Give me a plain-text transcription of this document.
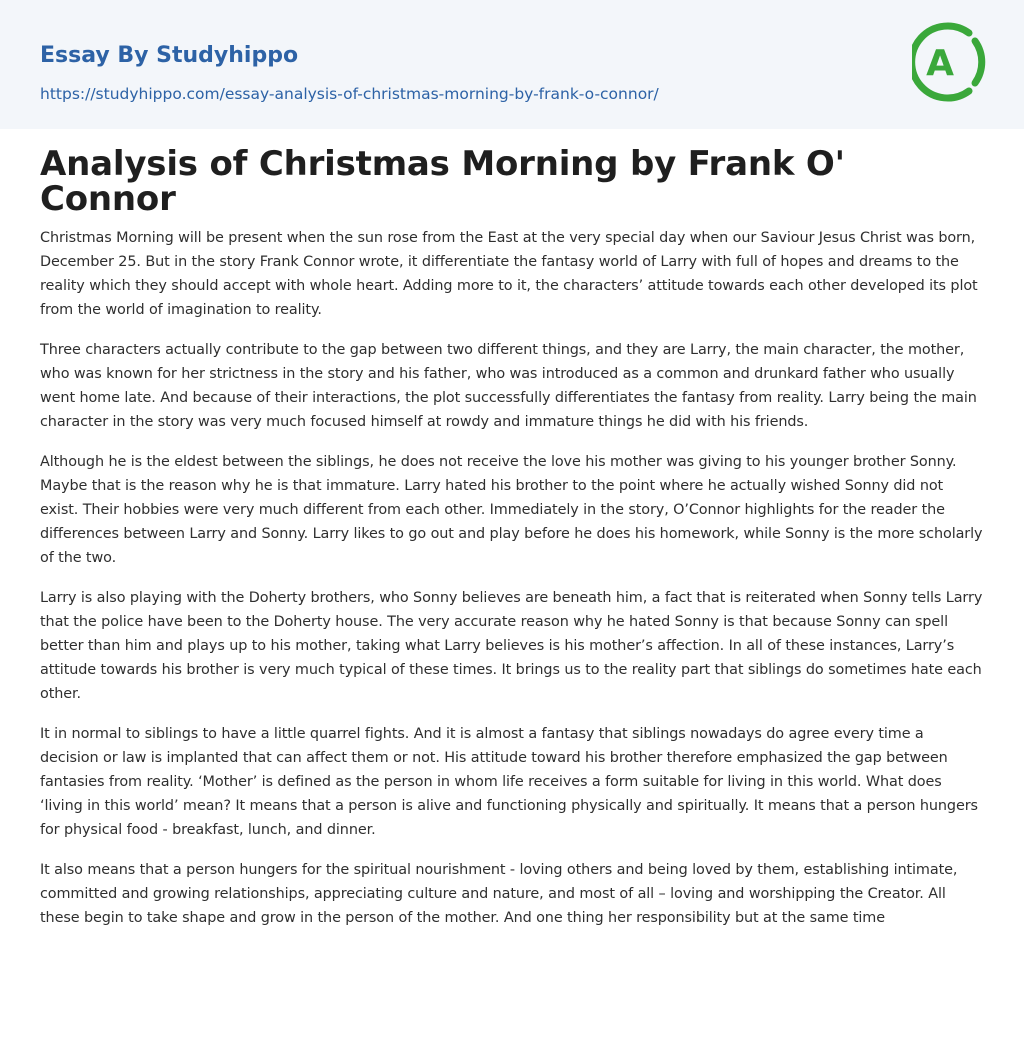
Essay By Studyhippo
https://studyhippo.com/essay-analysis-of-christmas-morning-by-frank-o-connor/
A
Analysis of Christmas Morning by Frank O' Connor

Christmas Morning will be present when the sun rose from the East at the very special day when our Saviour Jesus Christ was born, December 25. But in the story Frank Connor wrote, it differentiate the fantasy world of Larry with full of hopes and dreams to the reality which they should accept with whole heart. Adding more to it, the characters’ attitude towards each other developed its plot from the world of imagination to reality.

Three characters actually contribute to the gap between two different things, and they are Larry, the main character, the mother, who was known for her strictness in the story and his father, who was introduced as a common and drunkard father who usually went home late. And because of their interactions, the plot successfully differentiates the fantasy from reality. Larry being the main character in the story was very much focused himself at rowdy and immature things he did with his friends.

Although he is the eldest between the siblings, he does not receive the love his mother was giving to his younger brother Sonny. Maybe that is the reason why he is that immature. Larry hated his brother to the point where he actually wished Sonny did not exist. Their hobbies were very much different from each other. Immediately in the story, O’Connor highlights for the reader the differences between Larry and Sonny. Larry likes to go out and play before he does his homework, while Sonny is the more scholarly of the two.

Larry is also playing with the Doherty brothers, who Sonny believes are beneath him, a fact that is reiterated when Sonny tells Larry that the police have been to the Doherty house. The very accurate reason why he hated Sonny is that because Sonny can spell better than him and plays up to his mother, taking what Larry believes is his mother’s affection. In all of these instances, Larry’s attitude towards his brother is very much typical of these times. It brings us to the reality part that siblings do sometimes hate each other.

It in normal to siblings to have a little quarrel fights. And it is almost a fantasy that siblings nowadays do agree every time a decision or law is implanted that can affect them or not. His attitude toward his brother therefore emphasized the gap between fantasies from reality. ‘Mother’ is defined as the person in whom life receives a form suitable for living in this world. What does ‘living in this world’ mean? It means that a person is alive and functioning physically and spiritually. It means that a person hungers for physical food - breakfast, lunch, and dinner.

It also means that a person hungers for the spiritual nourishment - loving others and being loved by them, establishing intimate, committed and growing relationships, appreciating culture and nature, and most of all – loving and worshipping the Creator. All these begin to take shape and grow in the person of the mother. And one thing her responsibility but at the same time
